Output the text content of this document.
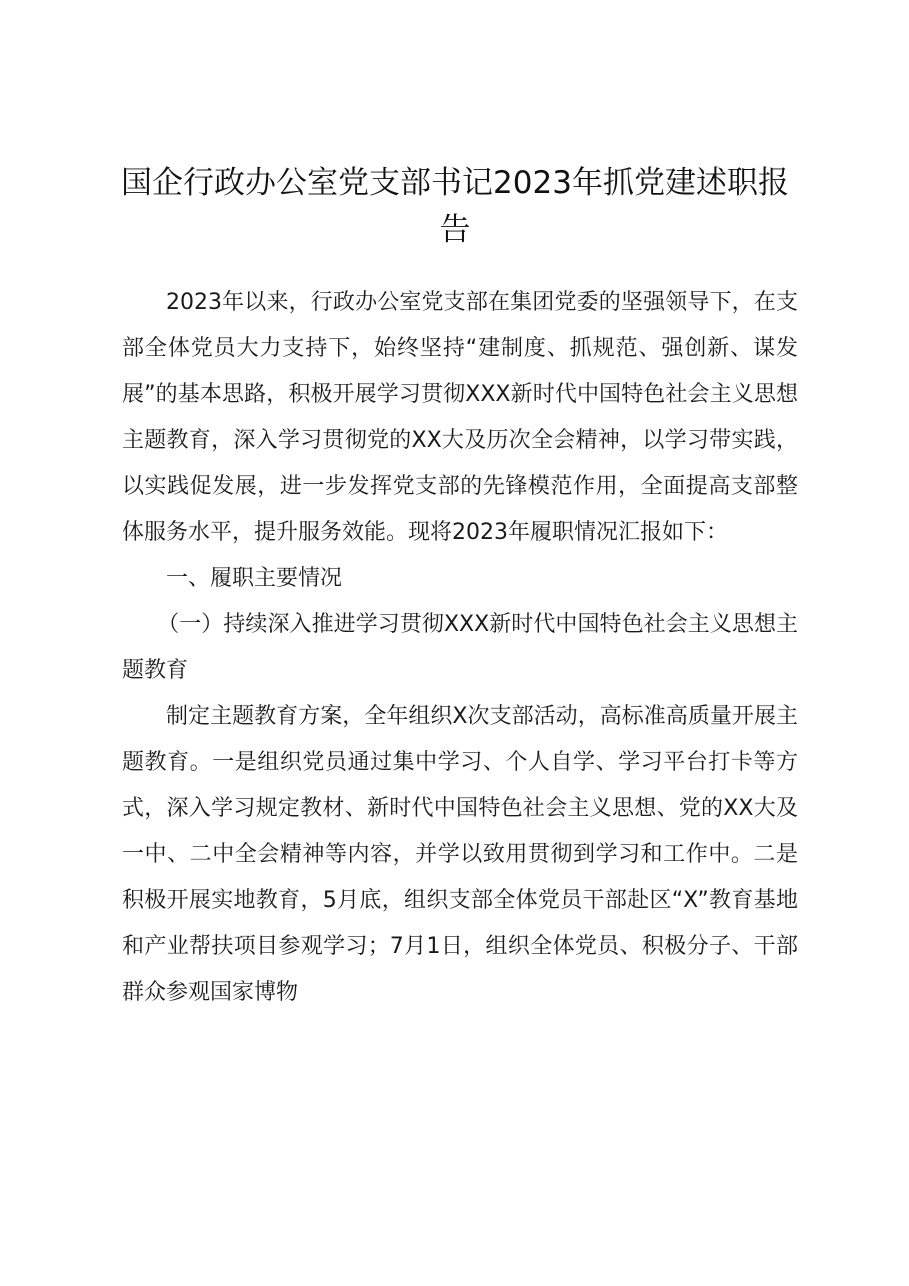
国企行政办公室党支部书记2023年抓党建述职报告

2023年以来，行政办公室党支部在集团党委的坚强领导下，在支部全体党员大力支持下，始终坚持“建制度、抓规范、强创新、谋发展”的基本思路，积极开展学习贯彻XXX新时代中国特色社会主义思想主题教育，深入学习贯彻党的XX大及历次全会精神，以学习带实践，以实践促发展，进一步发挥党支部的先锋模范作用，全面提高支部整体服务水平，提升服务效能。现将2023年履职情况汇报如下：

一、履职主要情况

（一）持续深入推进学习贯彻XXX新时代中国特色社会主义思想主题教育

制定主题教育方案，全年组织X次支部活动，高标准高质量开展主题教育。一是组织党员通过集中学习、个人自学、学习平台打卡等方式，深入学习规定教材、新时代中国特色社会主义思想、党的XX大及一中、二中全会精神等内容，并学以致用贯彻到学习和工作中。二是积极开展实地教育，5月底，组织支部全体党员干部赴区“X”教育基地和产业帮扶项目参观学习；7月1日，组织全体党员、积极分子、干部群众参观国家博物
